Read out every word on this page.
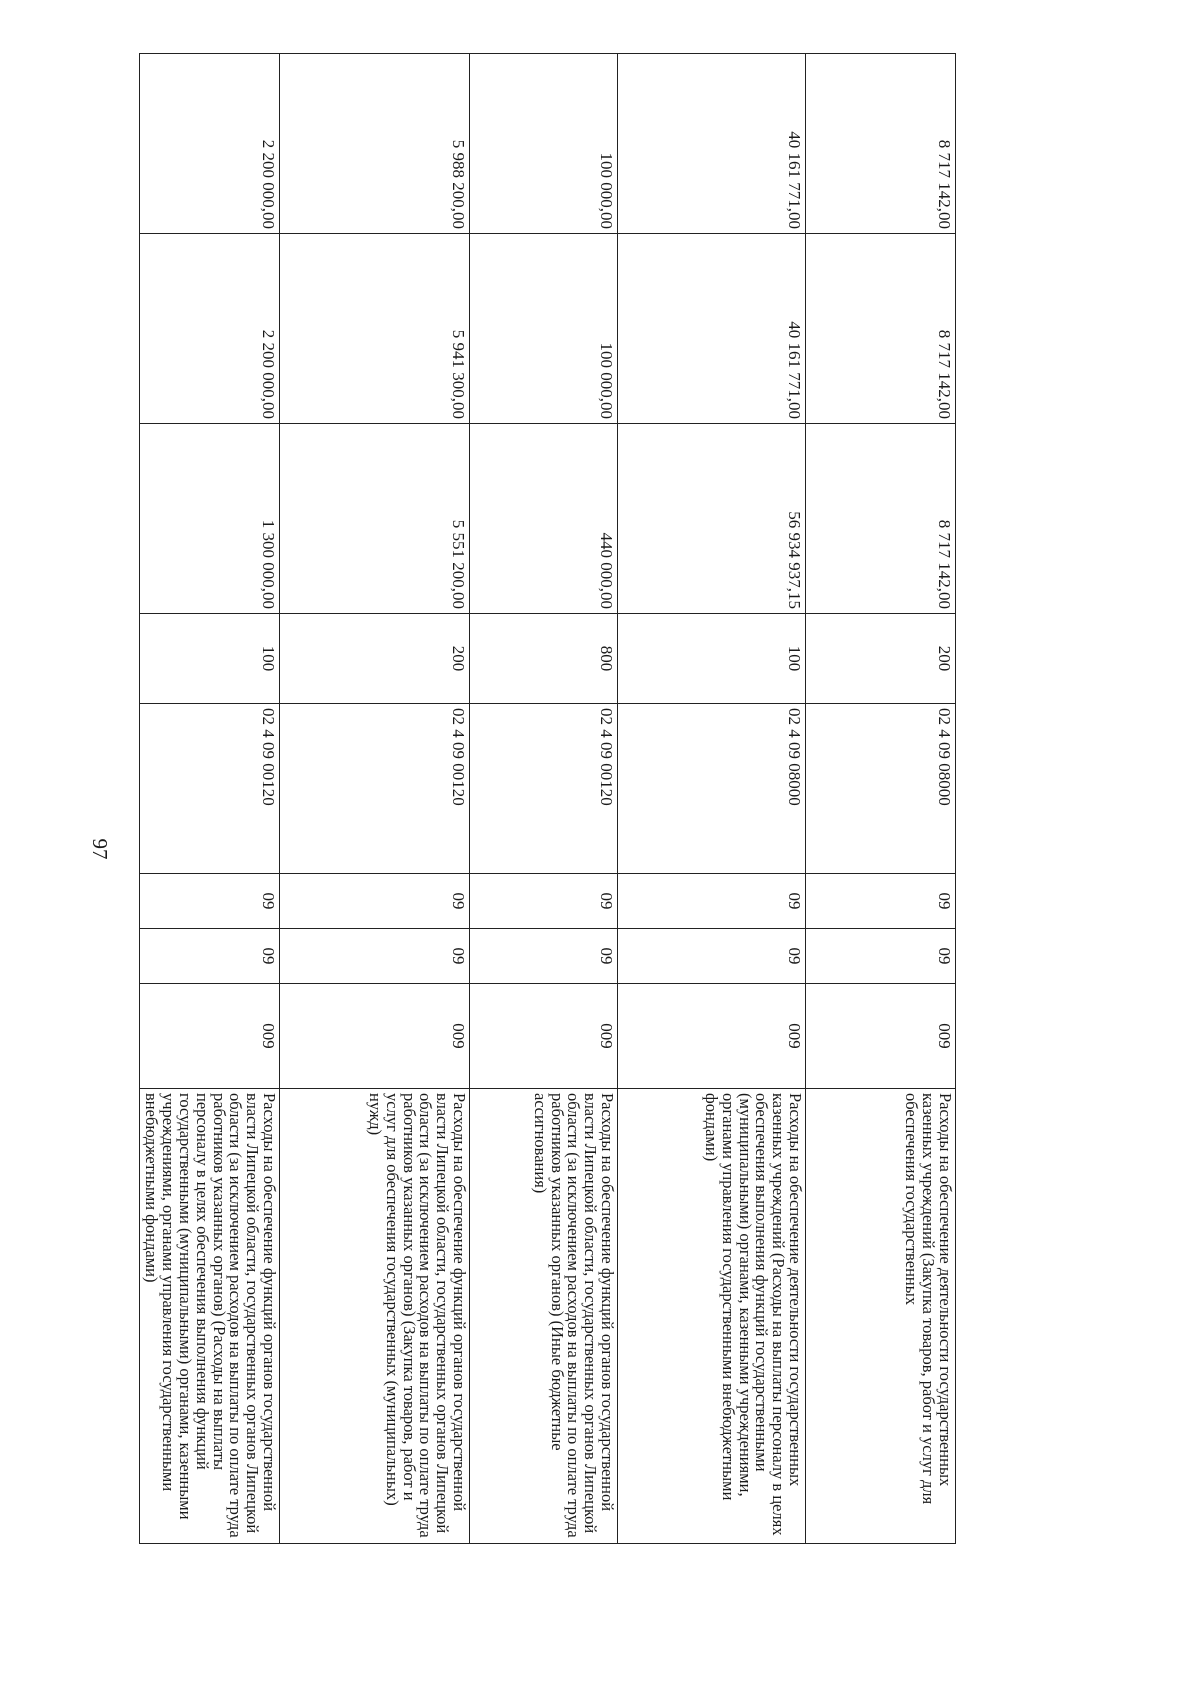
97
8 717 142,00	8 717 142,00	8 717 142,00	200	02 4 09 08000	09	09	009	Расходы на обеспечение деятельности государственных казенных учреждений (Закупка товаров, работ и услуг для обеспечения государственных
40 161 771,00	40 161 771,00	56 934 937,15	100	02 4 09 08000	09	09	009	Расходы на обеспечение деятельности государственных казенных учреждений (Расходы на выплаты персоналу в целях обеспечения выполнения функций государственными (муниципальными) органами, казенными учреждениями, органами управления государственными внебюджетными фондами)
100 000,00	100 000,00	440 000,00	800	02 4 09 00120	09	09	009	Расходы на обеспечение функций органов государственной власти Липецкой области, государственных органов Липецкой области (за исключением расходов на выплаты по оплате труда работников указанных органов) (Иные бюджетные ассигнования)
5 988 200,00	5 941 300,00	5 551 200,00	200	02 4 09 00120	09	09	009	Расходы на обеспечение функций органов государственной власти Липецкой области, государственных органов Липецкой области (за исключением расходов на выплаты по оплате труда работников указанных органов) (Закупка товаров, работ и услуг для обеспечения государственных (муниципальных) нужд)
2 200 000,00	2 200 000,00	1 300 000,00	100	02 4 09 00120	09	09	009	Расходы на обеспечение функций органов государственной власти Липецкой области, государственных органов Липецкой области (за исключением расходов на выплаты по оплате труда работников указанных органов) (Расходы на выплаты персоналу в целях обеспечения выполнения функций государственными (муниципальными) органами, казенными учреждениями, органами управления государственными внебюджетными фондами)
